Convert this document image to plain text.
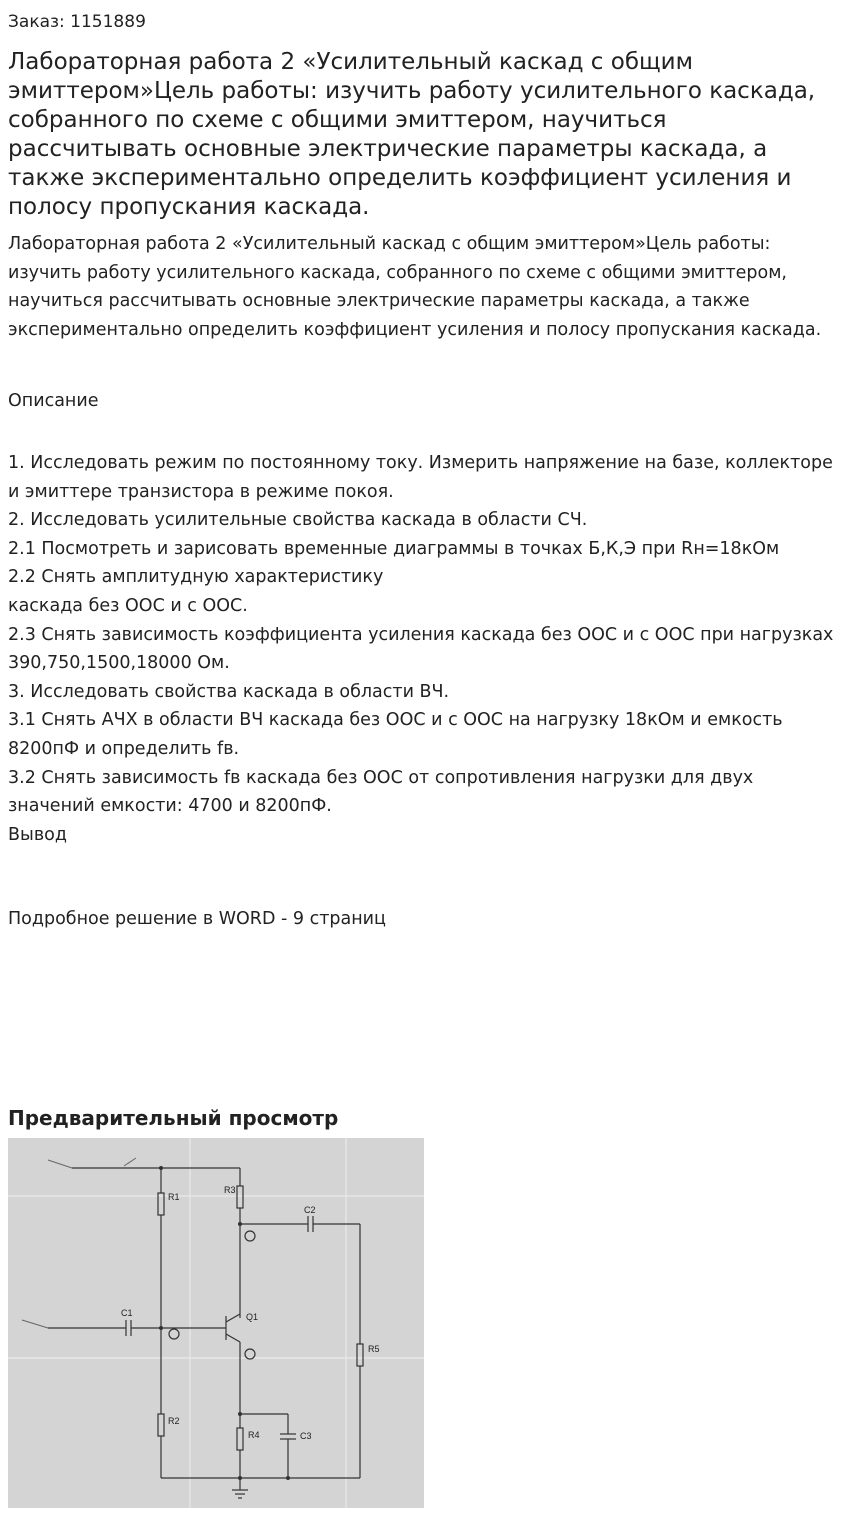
Заказ: 1151889
Лабораторная работа 2 «Усилительный каскад с общим эмиттером»Цель работы: изучить работу усилительного каскада, собранного по схеме с общими эмиттером, научиться рассчитывать основные электрические параметры каскада, а также экспериментально определить коэффициент усиления и полосу пропускания каскада.

Лабораторная работа 2 «Усилительный каскад с общим эмиттером»Цель работы: изучить работу усилительного каскада, собранного по схеме с общими эмиттером, научиться рассчитывать основные электрические параметры каскада, а также экспериментально определить коэффициент усиления и полосу пропускания каскада.

Описание
1. Исследовать режим по постоянному току. Измерить напряжение на базе, коллекторе и эмиттере транзистора в режиме покоя.
2. Исследовать усилительные свойства каскада в области СЧ.
2.1 Посмотреть и зарисовать временные диаграммы в точках Б,К,Э при Rн=18кОм
2.2 Снять амплитудную характеристику
каскада без ООС и с ООС.
2.3 Снять зависимость коэффициента усиления каскада без ООС и с ООС при нагрузках 390,750,1500,18000 Ом.
3. Исследовать свойства каскада в области ВЧ.
3.1 Снять АЧХ в области ВЧ каскада без ООС и с ООС на нагрузку 18кОм и емкость 8200пФ и определить fв.
3.2 Снять зависимость fв каскада без ООС от сопротивления нагрузки для двух значений емкости: 4700 и 8200пФ.
Вывод
Подробное решение в WORD - 9 страниц
Предварительный просмотр
R1
R2
R3
R4
R5
C1
C2
C3
Q1
